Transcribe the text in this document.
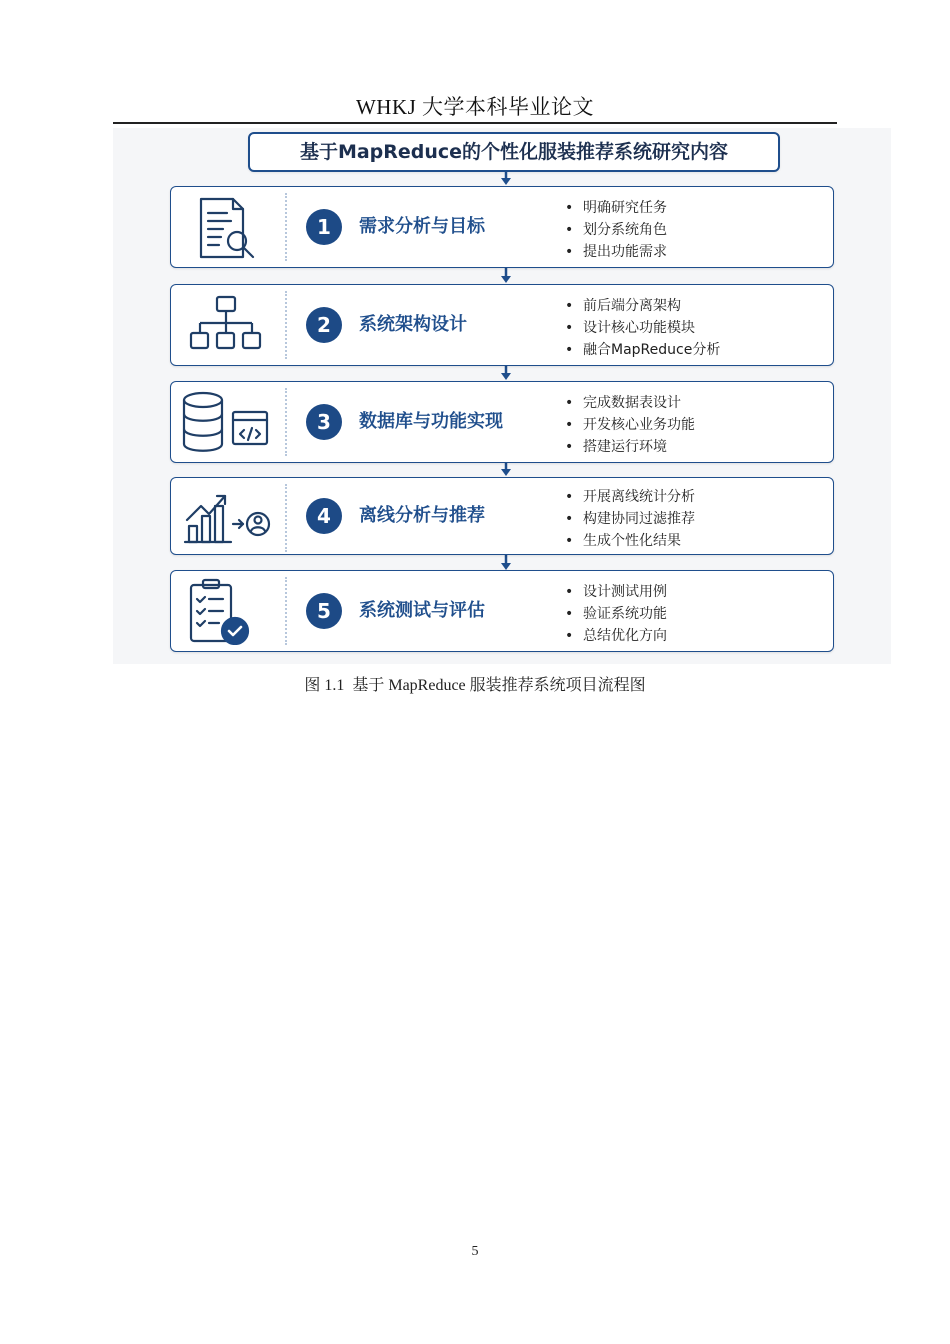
WHKJ 大学本科毕业论文
基于MapReduce的个性化服装推荐系统研究内容
1	需求分析与目标
• 明确研究任务
• 划分系统角色
• 提出功能需求
2	系统架构设计
• 前后端分离架构
• 设计核心功能模块
• 融合MapReduce分析
3	数据库与功能实现
• 完成数据表设计
• 开发核心业务功能
• 搭建运行环境
4	离线分析与推荐
• 开展离线统计分析
• 构建协同过滤推荐
• 生成个性化结果
5	系统测试与评估
• 设计测试用例
• 验证系统功能
• 总结优化方向
图 1.1 基于 MapReduce 服装推荐系统项目流程图
5
